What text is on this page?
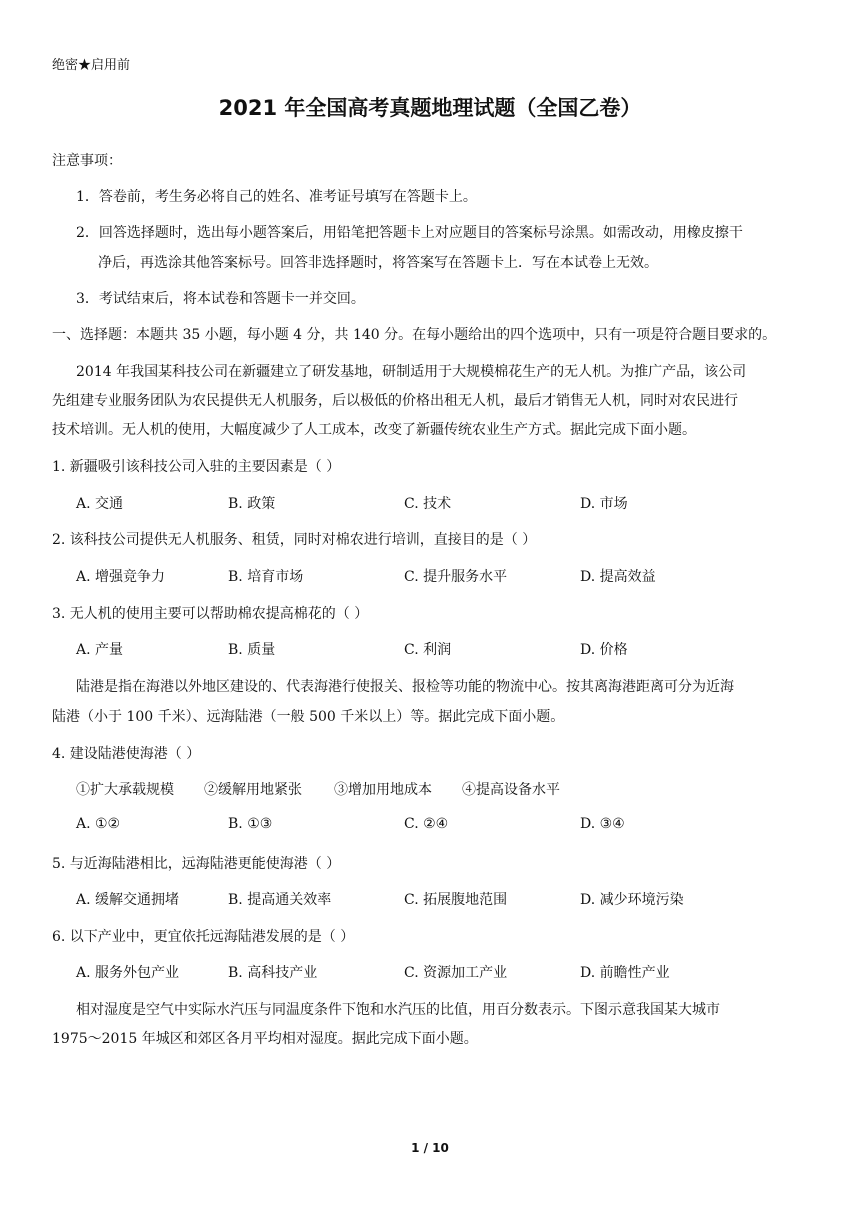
绝密★启用前
2021 年全国高考真题地理试题（全国乙卷）
注意事项：
1．答卷前，考生务必将自己的姓名、准考证号填写在答题卡上。
2．回答选择题时，选出每小题答案后，用铅笔把答题卡上对应题目的答案标号涂黑。如需改动，用橡皮擦干
净后，再选涂其他答案标号。回答非选择题时，将答案写在答题卡上．写在本试卷上无效。
3．考试结束后，将本试卷和答题卡一并交回。
一、选择题：本题共 35 小题，每小题 4 分，共 140 分。在每小题给出的四个选项中，只有一项是符合题目要求的。
2014 年我国某科技公司在新疆建立了研发基地，研制适用于大规模棉花生产的无人机。为推广产品，该公司
先组建专业服务团队为农民提供无人机服务，后以极低的价格出租无人机，最后才销售无人机，同时对农民进行
技术培训。无人机的使用，大幅度减少了人工成本，改变了新疆传统农业生产方式。据此完成下面小题。
1. 新疆吸引该科技公司入驻的主要因素是（ ）
A. 交通	B. 政策	C. 技术	D. 市场
2. 该科技公司提供无人机服务、租赁，同时对棉农进行培训，直接目的是（ ）
A. 增强竞争力	B. 培育市场	C. 提升服务水平	D. 提高效益
3. 无人机的使用主要可以帮助棉农提高棉花的（ ）
A. 产量	B. 质量	C. 利润	D. 价格
陆港是指在海港以外地区建设的、代表海港行使报关、报检等功能的物流中心。按其离海港距离可分为近海
陆港（小于 100 千米）、远海陆港（一般 500 千米以上）等。据此完成下面小题。
4. 建设陆港使海港（ ）
①扩大承载规模 ②缓解用地紧张 ③增加用地成本 ④提高设备水平
A. ①②	B. ①③	C. ②④	D. ③④
5. 与近海陆港相比，远海陆港更能使海港（ ）
A. 缓解交通拥堵	B. 提高通关效率	C. 拓展腹地范围	D. 减少环境污染
6. 以下产业中，更宜依托远海陆港发展的是（ ）
A. 服务外包产业	B. 高科技产业	C. 资源加工产业	D. 前瞻性产业
相对湿度是空气中实际水汽压与同温度条件下饱和水汽压的比值，用百分数表示。下图示意我国某大城市
1975～2015 年城区和郊区各月平均相对湿度。据此完成下面小题。
1 / 10
